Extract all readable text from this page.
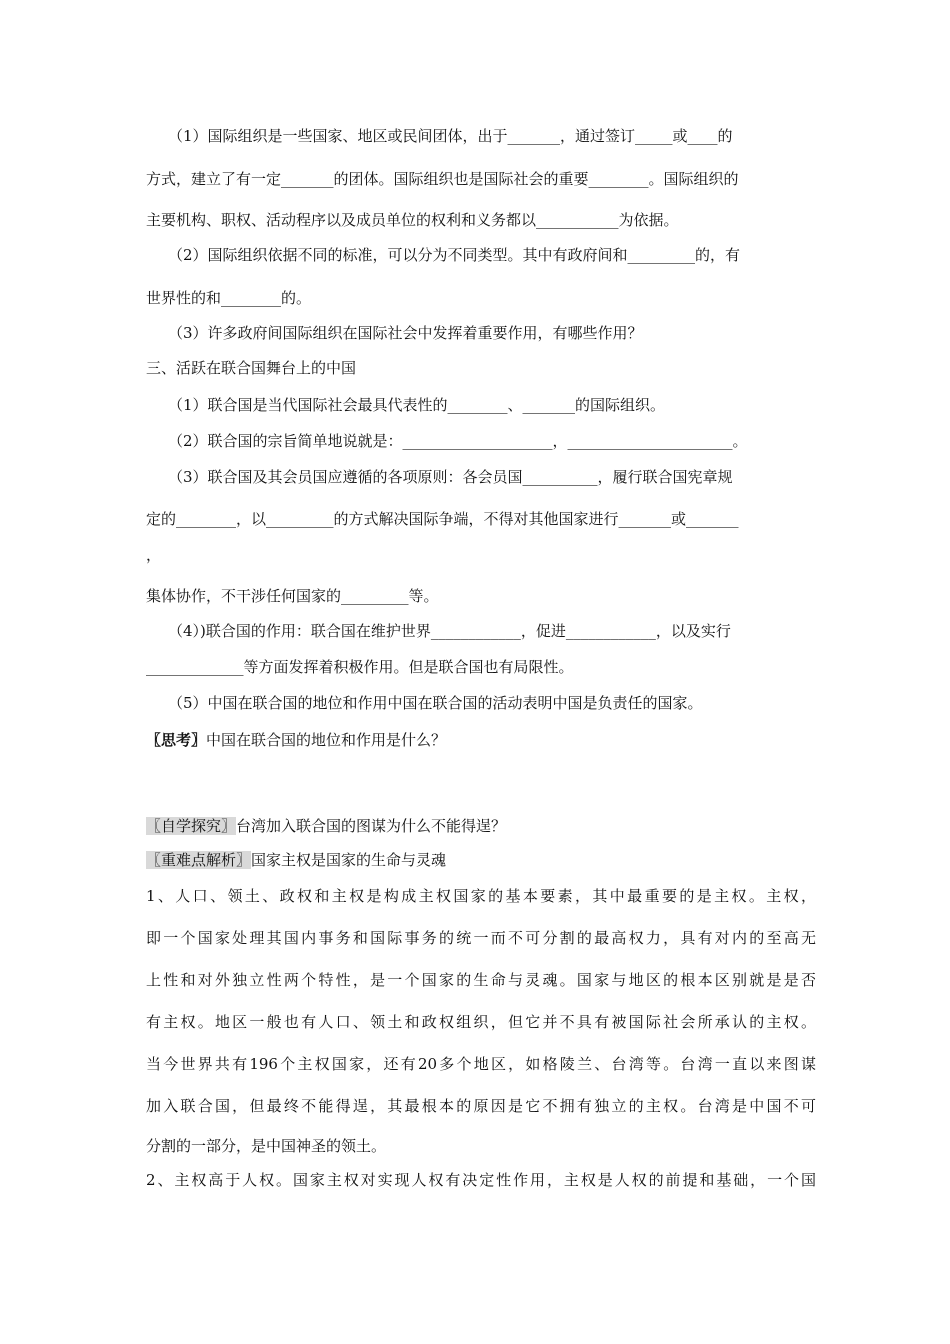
（1）国际组织是一些国家、地区或民间团体，出于_______，通过签订_____或____的
方式，建立了有一定_______的团体。国际组织也是国际社会的重要________。国际组织的
主要机构、职权、活动程序以及成员单位的权利和义务都以___________为依据。
（2）国际组织依据不同的标准，可以分为不同类型。其中有政府间和_________的，有
世界性的和________的。
（3）许多政府间国际组织在国际社会中发挥着重要作用，有哪些作用？
三、活跃在联合国舞台上的中国
（1）联合国是当代国际社会最具代表性的________、_______的国际组织。
（2）联合国的宗旨简单地说就是：____________________，______________________。
（3）联合国及其会员国应遵循的各项原则：各会员国__________，履行联合国宪章规
定的________，以_________的方式解决国际争端，不得对其他国家进行_______或_______
，
集体协作，不干涉任何国家的_________等。
（4）)联合国的作用：联合国在维护世界____________，促进____________，以及实行
_____________等方面发挥着积极作用。但是联合国也有局限性。
（5）中国在联合国的地位和作用中国在联合国的活动表明中国是负责任的国家。
〖思考〗中国在联合国的地位和作用是什么？
〖自学探究〗台湾加入联合国的图谋为什么不能得逞？
〖重难点解析〗国家主权是国家的生命与灵魂
1、人口、领土、政权和主权是构成主权国家的基本要素，其中最重要的是主权。主权，
即一个国家处理其国内事务和国际事务的统一而不可分割的最高权力，具有对内的至高无
上性和对外独立性两个特性，是一个国家的生命与灵魂。国家与地区的根本区别就是是否
有主权。地区一般也有人口、领土和政权组织，但它并不具有被国际社会所承认的主权。
当今世界共有196个主权国家，还有20多个地区，如格陵兰、台湾等。台湾一直以来图谋
加入联合国，但最终不能得逞，其最根本的原因是它不拥有独立的主权。台湾是中国不可
分割的一部分，是中国神圣的领土。
2、主权高于人权。国家主权对实现人权有决定性作用，主权是人权的前提和基础，一个国
